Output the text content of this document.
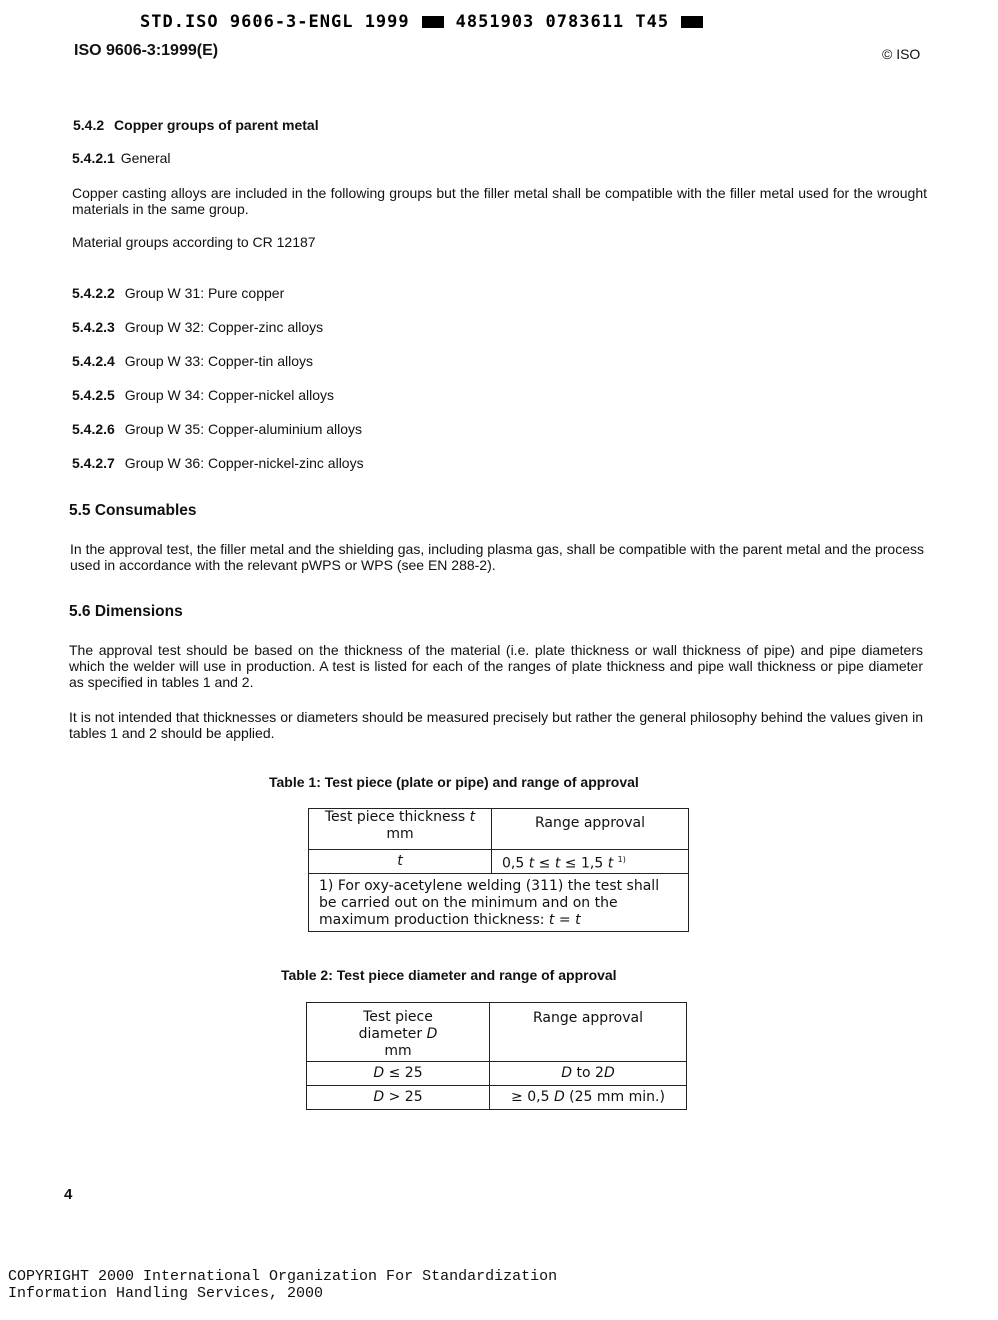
STD.ISO 9606-3-ENGL 1999	4851903 0783611 T45
ISO 9606-3:1999(E)	© ISO
5.4.2 Copper groups of parent metal
5.4.2.1 General
Copper casting alloys are included in the following groups but the filler metal shall be compatible with the filler metal used for the wrought materials in the same group.
Material groups according to CR 12187
5.4.2.2 Group W 31: Pure copper
5.4.2.3 Group W 32: Copper-zinc alloys
5.4.2.4 Group W 33: Copper-tin alloys
5.4.2.5 Group W 34: Copper-nickel alloys
5.4.2.6 Group W 35: Copper-aluminium alloys
5.4.2.7 Group W 36: Copper-nickel-zinc alloys
5.5 Consumables
In the approval test, the filler metal and the shielding gas, including plasma gas, shall be compatible with the parent metal and the process used in accordance with the relevant pWPS or WPS (see EN 288-2).
5.6 Dimensions
The approval test should be based on the thickness of the material (i.e. plate thickness or wall thickness of pipe) and pipe diameters which the welder will use in production. A test is listed for each of the ranges of plate thickness and pipe wall thickness or pipe diameter as specified in tables 1 and 2.
It is not intended that thicknesses or diameters should be measured precisely but rather the general philosophy behind the values given in tables 1 and 2 should be applied.
Table 1: Test piece (plate or pipe) and range of approval
Test piece thickness t
mm	Range approval
t	0,5 t ≤ t ≤ 1,5 t $^{1)}$
1) For oxy-acetylene welding (311) the test shall be carried out on the minimum and on the maximum production thickness: t = t	
Table 2: Test piece diameter and range of approval
Test piece
diameter D
mm	Range approval
D ≤ 25	D to 2D
D > 25	≥ 0,5 D (25 mm min.)
4
COPYRIGHT 2000 International Organization For Standardization
Information Handling Services, 2000
